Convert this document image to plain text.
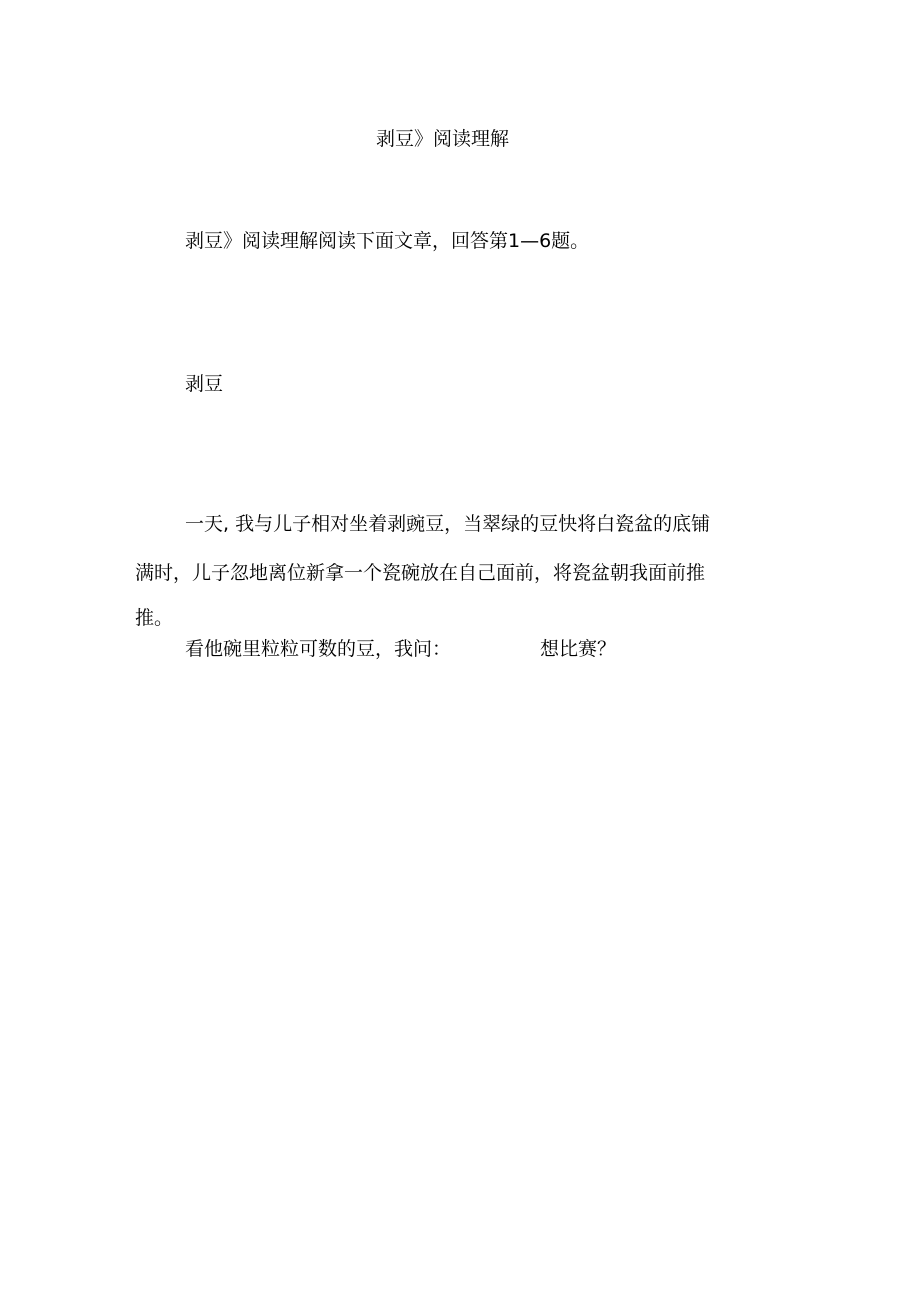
剥豆》阅读理解

剥豆》阅读理解阅读下面文章，回答第1—6题。

剥豆

一天, 我与儿子相对坐着剥豌豆，当翠绿的豆快将白瓷盆的底铺

满时，儿子忽地离位新拿一个瓷碗放在自己面前，将瓷盆朝我面前推

推。

看他碗里粒粒可数的豆，我问：	想比赛？
